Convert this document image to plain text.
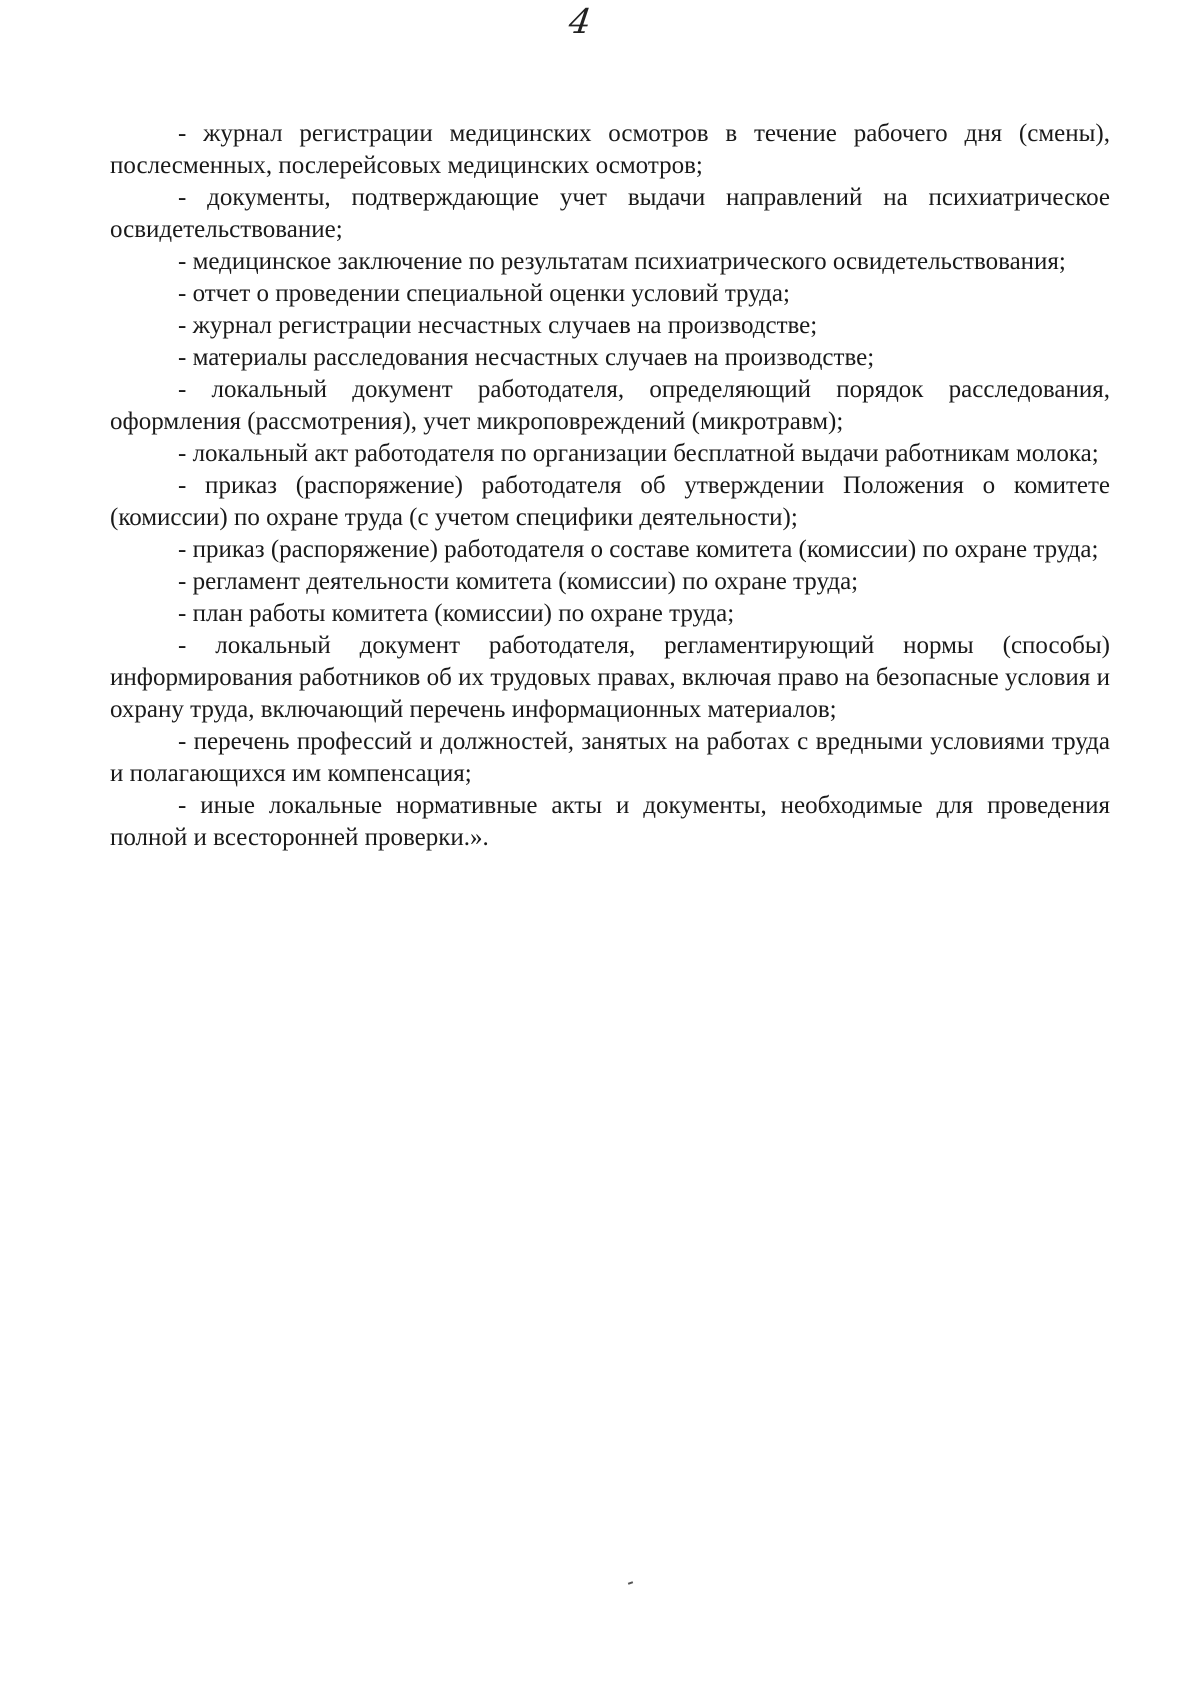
4

- журнал регистрации медицинских осмотров в течение рабочего дня (смены), послесменных, послерейсовых медицинских осмотров;

- документы, подтверждающие учет выдачи направлений на психиатрическое освидетельствование;

- медицинское заключение по результатам психиатрического освидетельствования;

- отчет о проведении специальной оценки условий труда;

- журнал регистрации несчастных случаев на производстве;

- материалы расследования несчастных случаев на производстве;

- локальный документ работодателя, определяющий порядок расследования, оформления (рассмотрения), учет микроповреждений (микротравм);

- локальный акт работодателя по организации бесплатной выдачи работникам молока;

- приказ (распоряжение) работодателя об утверждении Положения о комитете (комиссии) по охране труда (с учетом специфики деятельности);

- приказ (распоряжение) работодателя о составе комитета (комиссии) по охране труда;

- регламент деятельности комитета (комиссии) по охране труда;

- план работы комитета (комиссии) по охране труда;

- локальный документ работодателя, регламентирующий нормы (способы) информирования работников об их трудовых правах, включая право на безопасные условия и охрану труда, включающий перечень информационных материалов;

- перечень профессий и должностей, занятых на работах с вредными условиями труда и полагающихся им компенсация;

- иные локальные нормативные акты и документы, необходимые для проведения полной и всесторонней проверки.».
